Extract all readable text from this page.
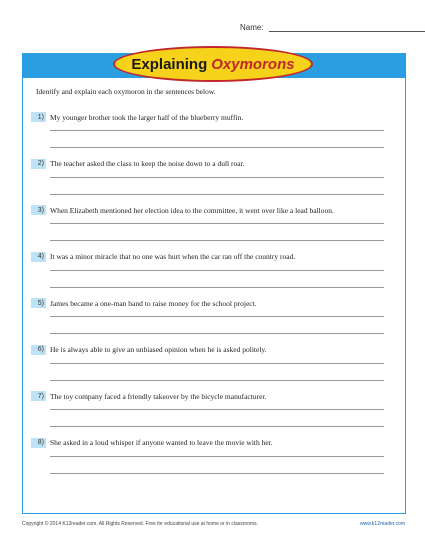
Name:
Explaining Oxymorons
Identify and explain each oxymoron in the sentences below.
1) My younger brother took the larger half of the blueberry muffin.
2) The teacher asked the class to keep the noise down to a dull roar.
3) When Elizabeth mentioned her election idea to the committee, it went over like a lead balloon.
4) It was a minor miracle that no one was hurt when the car ran off the country road.
5) James became a one-man band to raise money for the school project.
6) He is always able to give an unbiased opinion when he is asked politely.
7) The toy company faced a friendly takeover by the bicycle manufacturer.
8) She asked in a loud whisper if anyone wanted to leave the movie with her.
Copyright © 2014 K12reader.com. All Rights Reserved. Free for educational use at home or in classrooms.	www.k12reader.com
